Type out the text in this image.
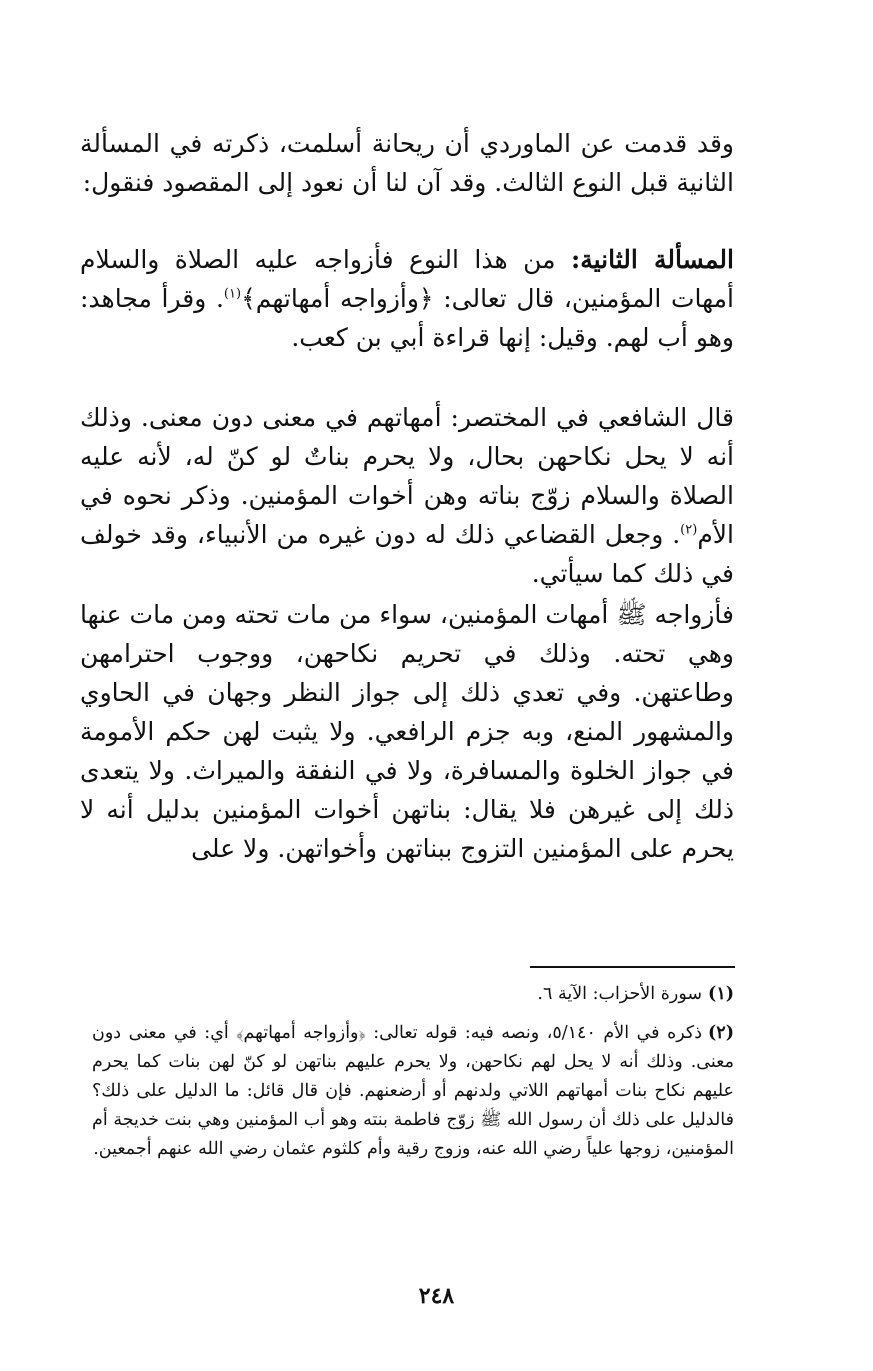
وقد قدمت عن الماوردي أن ريحانة أسلمت، ذكرته في المسألة الثانية قبل النوع الثالث. وقد آن لنا أن نعود إلى المقصود فنقول:

المسألة الثانية: من هذا النوع فأزواجه عليه الصلاة والسلام أمهات المؤمنين، قال تعالى: ﴿وأزواجه أمهاتهم﴾$^{(١)}$. وقرأ مجاهد: وهو أب لهم. وقيل: إنها قراءة أبي بن كعب.

قال الشافعي في المختصر: أمهاتهم في معنى دون معنى. وذلك أنه لا يحل نكاحهن بحال، ولا يحرم بناتٌ لو كنّ له، لأنه عليه الصلاة والسلام زوّج بناته وهن أخوات المؤمنين. وذكر نحوه في الأم$^{(٢)}$. وجعل القضاعي ذلك له دون غيره من الأنبياء، وقد خولف في ذلك كما سيأتي.

فأزواجه ﷺ أمهات المؤمنين، سواء من مات تحته ومن مات عنها وهي تحته. وذلك في تحريم نكاحهن، ووجوب احترامهن وطاعتهن. وفي تعدي ذلك إلى جواز النظر وجهان في الحاوي والمشهور المنع، وبه جزم الرافعي. ولا يثبت لهن حكم الأمومة في جواز الخلوة والمسافرة، ولا في النفقة والميراث. ولا يتعدى ذلك إلى غيرهن فلا يقال: بناتهن أخوات المؤمنين بدليل أنه لا يحرم على المؤمنين التزوج ببناتهن وأخواتهن. ولا على

(١)سورة الأحزاب: الآية ٦.
(٢)ذكره في الأم ٥/١٤٠، ونصه فيه: قوله تعالى: ﴿وأزواجه أمهاتهم﴾ أي: في معنى دون معنى. وذلك أنه لا يحل لهم نكاحهن، ولا يحرم عليهم بناتهن لو كنّ لهن بنات كما يحرم عليهم نكاح بنات أمهاتهم اللاتي ولدنهم أو أرضعنهم. فإن قال قائل: ما الدليل على ذلك؟ فالدليل على ذلك أن رسول الله ﷺ زوّج فاطمة بنته وهو أب المؤمنين وهي بنت خديجة أم المؤمنين، زوجها علياً رضي الله عنه، وزوج رقية وأم كلثوم عثمان رضي الله عنهم أجمعين.
٢٤٨
